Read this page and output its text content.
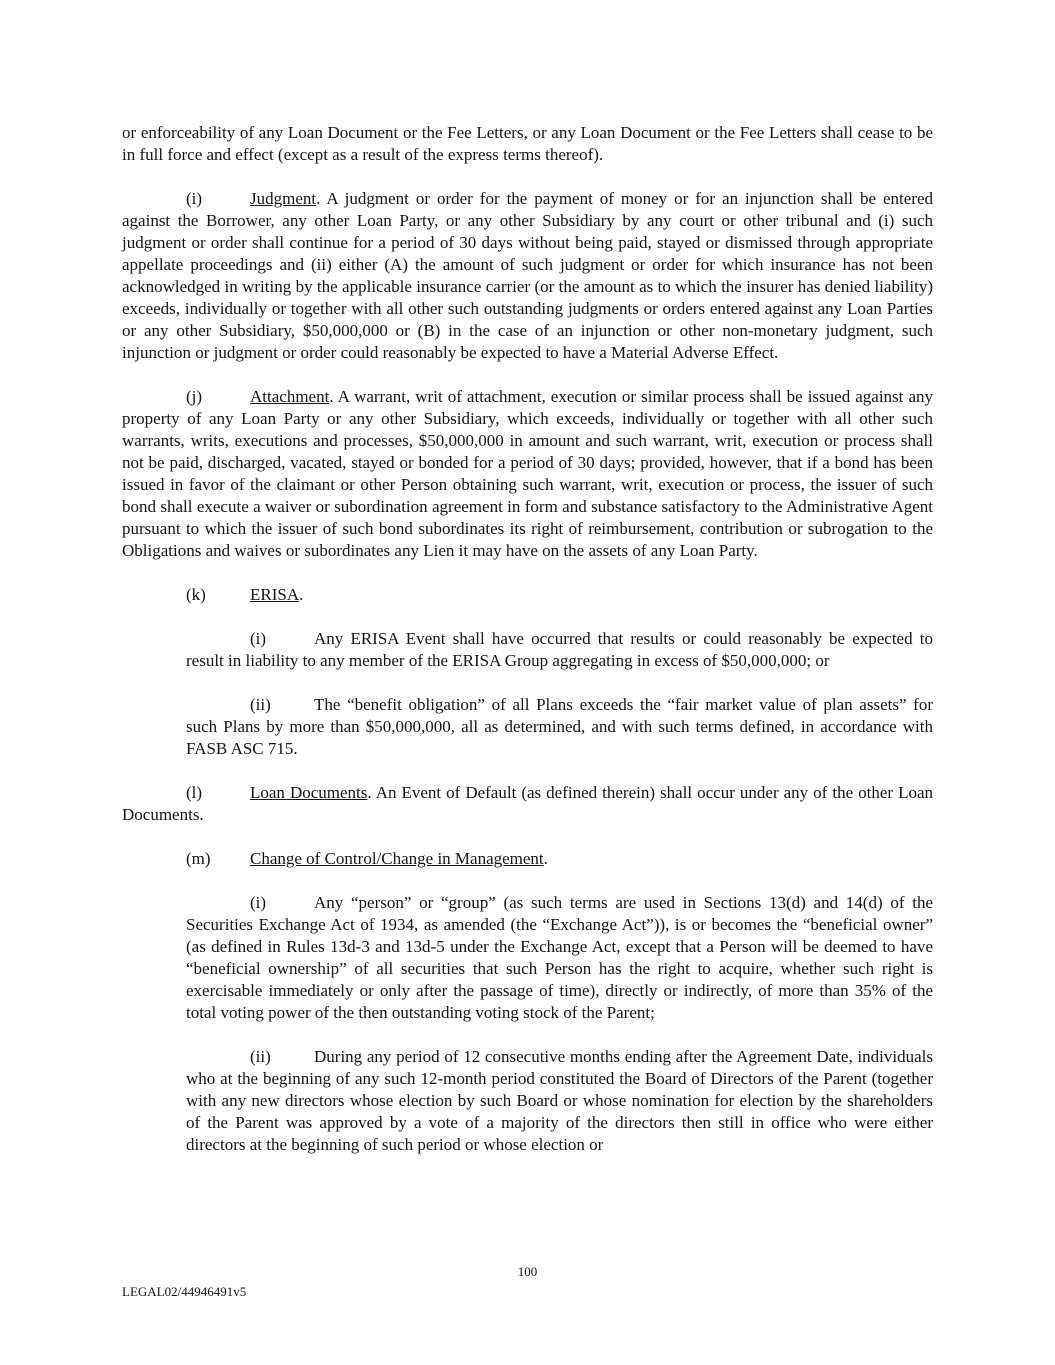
or enforceability of any Loan Document or the Fee Letters, or any Loan Document or the Fee Letters shall cease to be in full force and effect (except as a result of the express terms thereof).

(i)	Judgment. A judgment or order for the payment of money or for an injunction shall be entered against the Borrower, any other Loan Party, or any other Subsidiary by any court or other tribunal and (i) such judgment or order shall continue for a period of 30 days without being paid, stayed or dismissed through appropriate appellate proceedings and (ii) either (A) the amount of such judgment or order for which insurance has not been acknowledged in writing by the applicable insurance carrier (or the amount as to which the insurer has denied liability) exceeds, individually or together with all other such outstanding judgments or orders entered against any Loan Parties or any other Subsidiary, $50,000,000 or (B) in the case of an injunction or other non-monetary judgment, such injunction or judgment or order could reasonably be expected to have a Material Adverse Effect.

(j)	Attachment. A warrant, writ of attachment, execution or similar process shall be issued against any property of any Loan Party or any other Subsidiary, which exceeds, individually or together with all other such warrants, writs, executions and processes, $50,000,000 in amount and such warrant, writ, execution or process shall not be paid, discharged, vacated, stayed or bonded for a period of 30 days; provided, however, that if a bond has been issued in favor of the claimant or other Person obtaining such warrant, writ, execution or process, the issuer of such bond shall execute a waiver or subordination agreement in form and substance satisfactory to the Administrative Agent pursuant to which the issuer of such bond subordinates its right of reimbursement, contribution or subrogation to the Obligations and waives or subordinates any Lien it may have on the assets of any Loan Party.

(k)	ERISA.

(i)	Any ERISA Event shall have occurred that results or could reasonably be expected to result in liability to any member of the ERISA Group aggregating in excess of $50,000,000; or

(ii)	The “benefit obligation” of all Plans exceeds the “fair market value of plan assets” for such Plans by more than $50,000,000, all as determined, and with such terms defined, in accordance with FASB ASC 715.

(l)	Loan Documents. An Event of Default (as defined therein) shall occur under any of the other Loan Documents.

(m) Change of Control/Change in Management.

(i)	Any “person” or “group” (as such terms are used in Sections 13(d) and 14(d) of the Securities Exchange Act of 1934, as amended (the “Exchange Act”)), is or becomes the “beneficial owner” (as defined in Rules 13d-3 and 13d-5 under the Exchange Act, except that a Person will be deemed to have “beneficial ownership” of all securities that such Person has the right to acquire, whether such right is exercisable immediately or only after the passage of time), directly or indirectly, of more than 35% of the total voting power of the then outstanding voting stock of the Parent;

(ii)	During any period of 12 consecutive months ending after the Agreement Date, individuals who at the beginning of any such 12-month period constituted the Board of Directors of the Parent (together with any new directors whose election by such Board or whose nomination for election by the shareholders of the Parent was approved by a vote of a majority of the directors then still in office who were either directors at the beginning of such period or whose election or

100
LEGAL02/44946491v5
